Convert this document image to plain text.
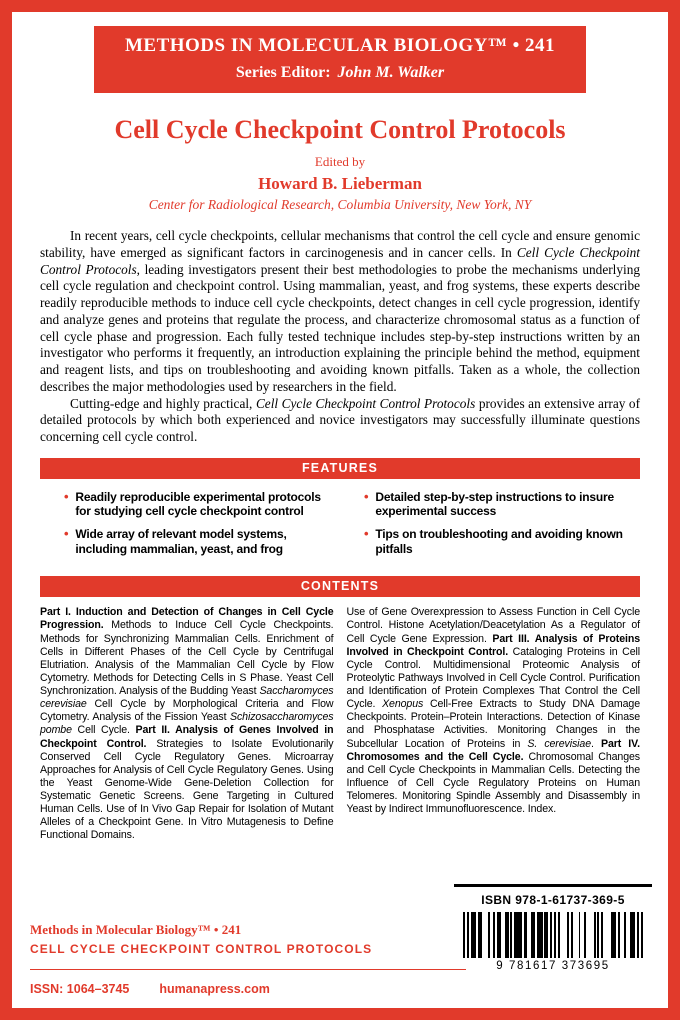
METHODS IN MOLECULAR BIOLOGY™ • 241
Series Editor: John M. Walker
Cell Cycle Checkpoint Control Protocols
Edited by
Howard B. Lieberman
Center for Radiological Research, Columbia University, New York, NY

In recent years, cell cycle checkpoints, cellular mechanisms that control the cell cycle and ensure genomic stability, have emerged as significant factors in carcinogenesis and in cancer cells. In Cell Cycle Checkpoint Control Protocols, leading investigators present their best methodologies to probe the mechanisms underlying cell cycle regulation and checkpoint control. Using mammalian, yeast, and frog systems, these experts describe readily reproducible methods to induce cell cycle checkpoints, detect changes in cell cycle progression, identify and analyze genes and proteins that regulate the process, and characterize chromosomal status as a function of cell cycle phase and progression. Each fully tested technique includes step-by-step instructions written by an investigator who performs it frequently, an introduction explaining the principle behind the method, equipment and reagent lists, and tips on troubleshooting and avoiding known pitfalls. Taken as a whole, the collection describes the major methodologies used by researchers in the field.

Cutting-edge and highly practical, Cell Cycle Checkpoint Control Protocols provides an extensive array of detailed protocols by which both experienced and novice investigators may successfully illuminate questions concerning cell cycle control.

FEATURES
• Readily reproducible experimental protocols for studying cell cycle checkpoint control
• Wide array of relevant model systems, including mammalian, yeast, and frog
• Detailed step-by-step instructions to insure experimental success
• Tips on troubleshooting and avoiding known pitfalls
CONTENTS
Part I. Induction and Detection of Changes in Cell Cycle Progression. Methods to Induce Cell Cycle Checkpoints. Methods for Synchronizing Mammalian Cells. Enrichment of Cells in Different Phases of the Cell Cycle by Centrifugal Elutriation. Analysis of the Mammalian Cell Cycle by Flow Cytometry. Methods for Detecting Cells in S Phase. Yeast Cell Synchronization. Analysis of the Budding Yeast Saccharomyces cerevisiae Cell Cycle by Morphological Criteria and Flow Cytometry. Analysis of the Fission Yeast Schizosaccharomyces pombe Cell Cycle. Part II. Analysis of Genes Involved in Checkpoint Control. Strategies to Isolate Evolutionarily Conserved Cell Cycle Regulatory Genes. Microarray Approaches for Analysis of Cell Cycle Regulatory Genes. Using the Yeast Genome-Wide Gene-Deletion Collection for Systematic Genetic Screens. Gene Targeting in Cultured Human Cells. Use of In Vivo Gap Repair for Isolation of Mutant Alleles of a Checkpoint Gene. In Vitro Mutagenesis to Define Functional Domains.
Use of Gene Overexpression to Assess Function in Cell Cycle Control. Histone Acetylation/Deacetylation As a Regulator of Cell Cycle Gene Expression. Part III. Analysis of Proteins Involved in Checkpoint Control. Cataloging Proteins in Cell Cycle Control. Multidimensional Proteomic Analysis of Proteolytic Pathways Involved in Cell Cycle Control. Purification and Identification of Protein Complexes That Control the Cell Cycle. Xenopus Cell-Free Extracts to Study DNA Damage Checkpoints. Protein–Protein Interactions. Detection of Kinase and Phosphatase Activities. Monitoring Changes in the Subcellular Location of Proteins in S. cerevisiae. Part IV. Chromosomes and the Cell Cycle. Chromosomal Changes and Cell Cycle Checkpoints in Mammalian Cells. Detecting the Influence of Cell Cycle Regulatory Proteins on Human Telomeres. Monitoring Spindle Assembly and Disassembly in Yeast by Indirect Immunofluorescence. Index.
Methods in Molecular Biology™ • 241
CELL CYCLE CHECKPOINT CONTROL PROTOCOLS
ISSN: 1064–3745 humanapress.com
ISBN 978-1-61737-369-5
9 781617 373695
